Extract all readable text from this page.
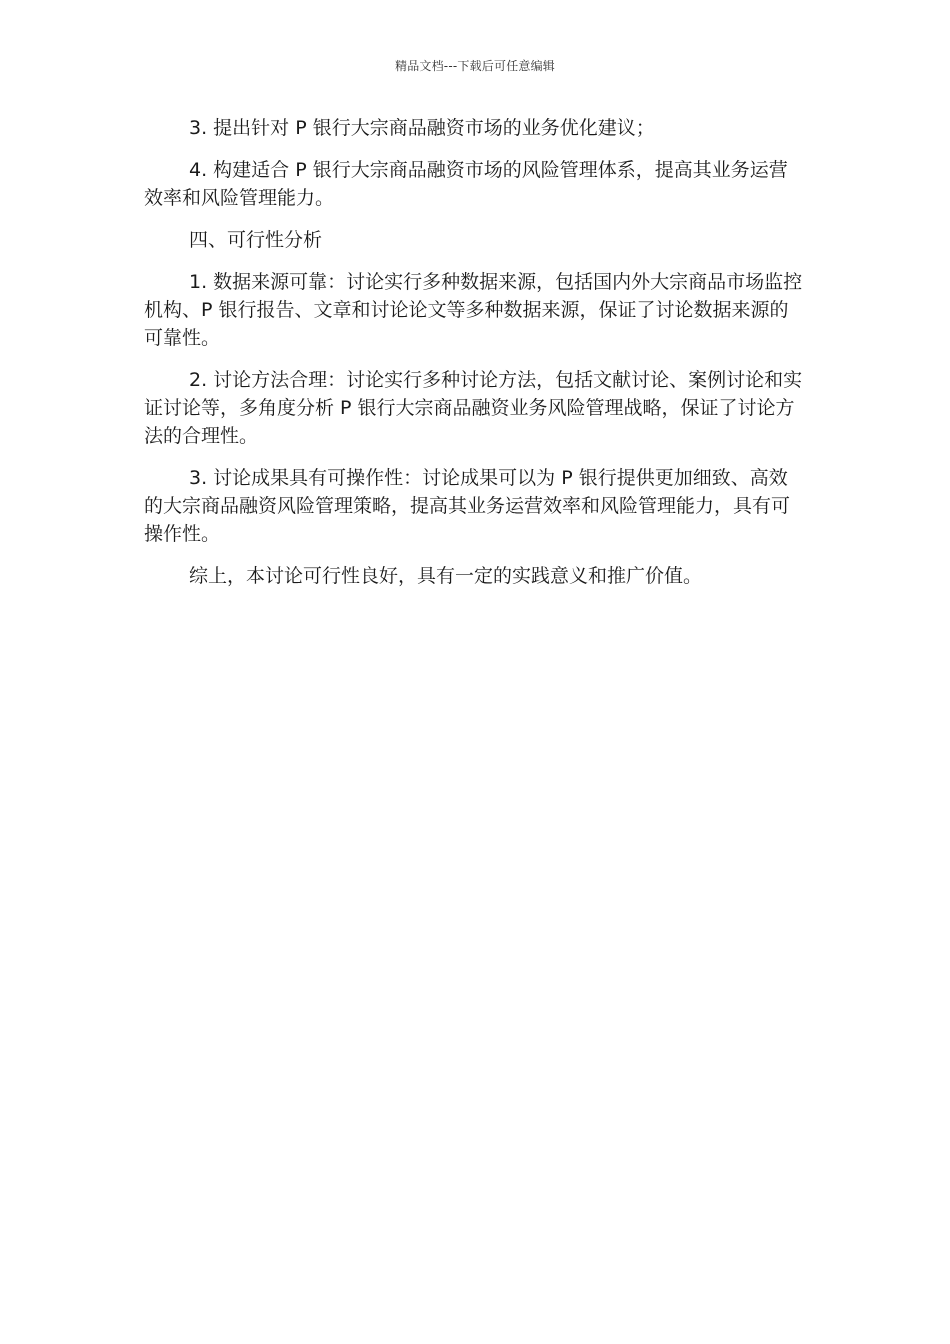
精品文档---下载后可任意编辑

3. 提出针对 P 银行大宗商品融资市场的业务优化建议；

4. 构建适合 P 银行大宗商品融资市场的风险管理体系，提高其业务运营效率和风险管理能力。

四、可行性分析

1. 数据来源可靠：讨论实行多种数据来源，包括国内外大宗商品市场监控机构、P 银行报告、文章和讨论论文等多种数据来源，保证了讨论数据来源的可靠性。

2. 讨论方法合理：讨论实行多种讨论方法，包括文献讨论、案例讨论和实证讨论等，多角度分析 P 银行大宗商品融资业务风险管理战略，保证了讨论方法的合理性。

3. 讨论成果具有可操作性：讨论成果可以为 P 银行提供更加细致、高效的大宗商品融资风险管理策略，提高其业务运营效率和风险管理能力，具有可操作性。

综上，本讨论可行性良好，具有一定的实践意义和推广价值。
